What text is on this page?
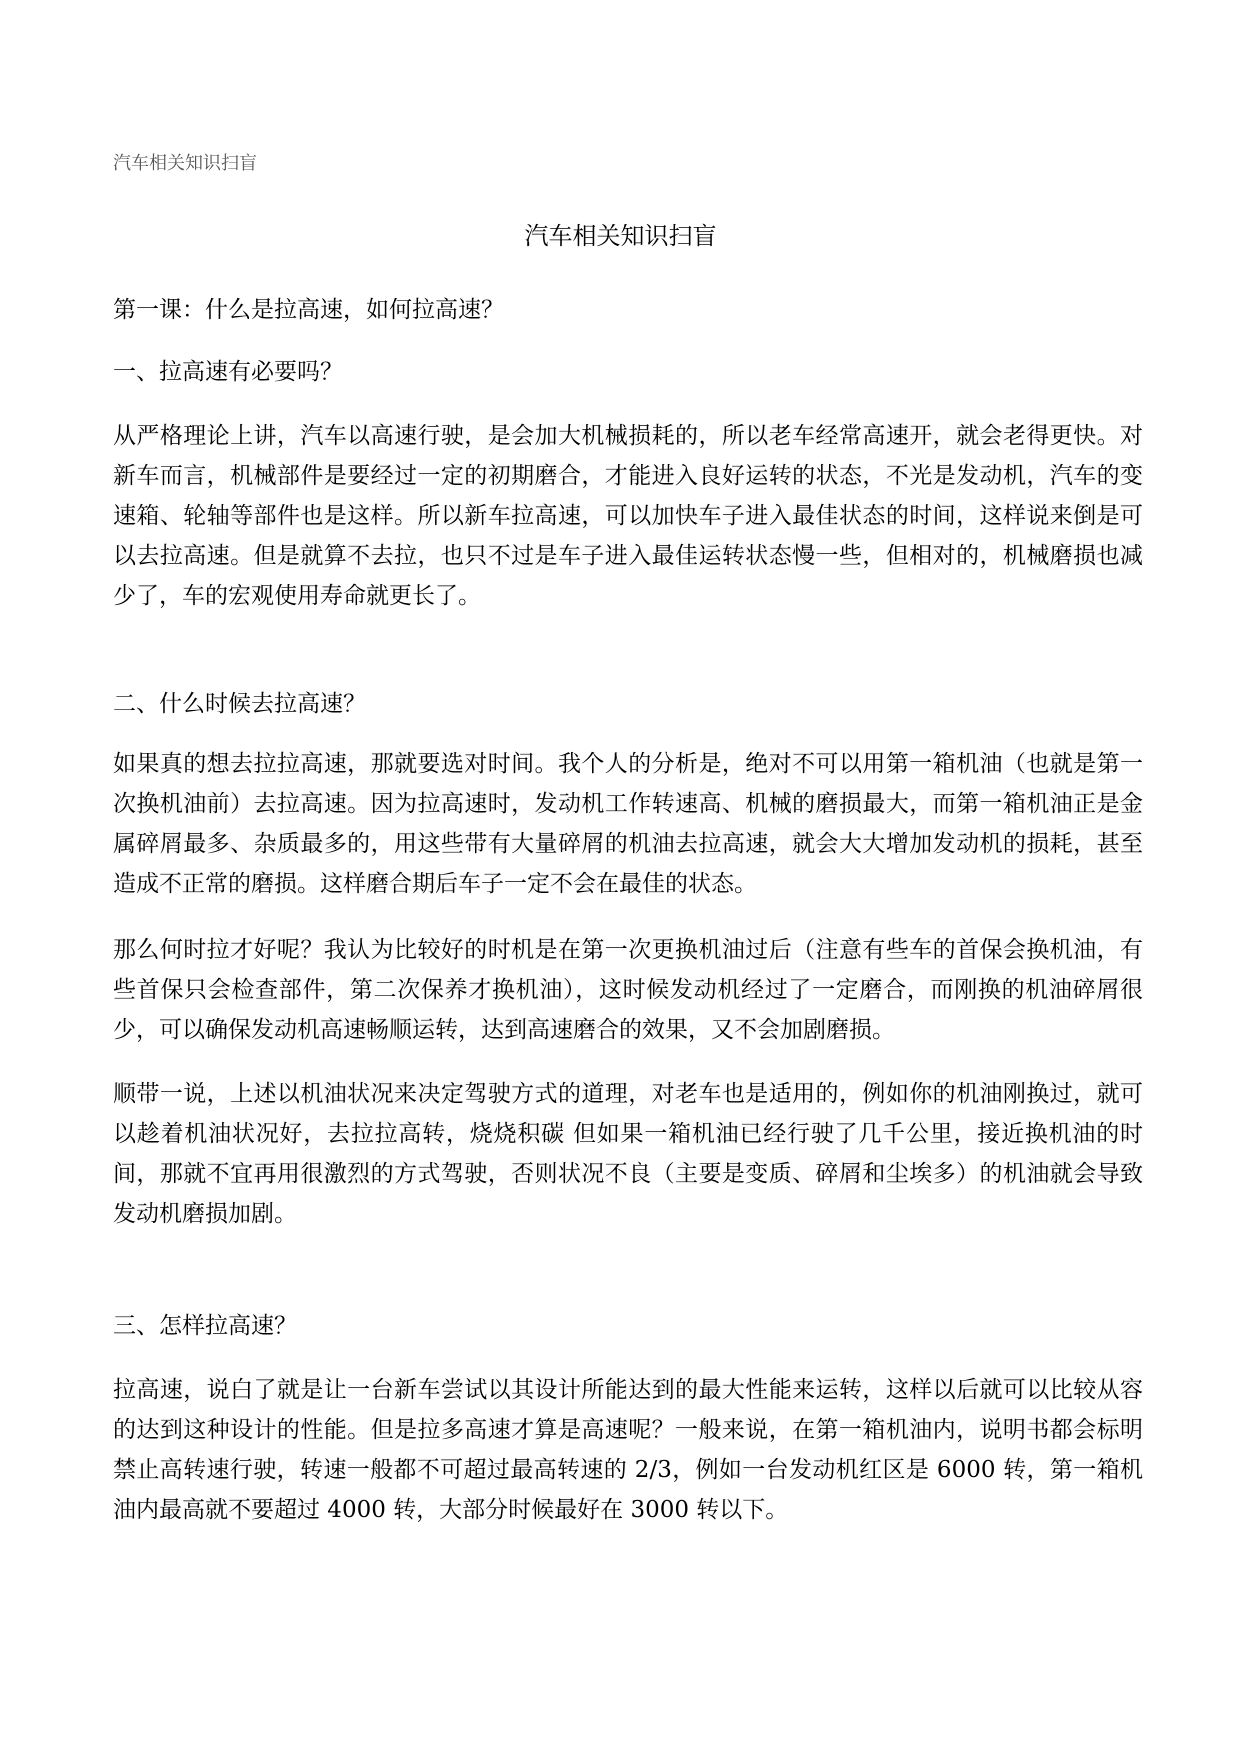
汽车相关知识扫盲
汽车相关知识扫盲
第一课：什么是拉高速，如何拉高速？
一、拉高速有必要吗？

从严格理论上讲，汽车以高速行驶，是会加大机械损耗的，所以老车经常高速开，就会老得更快。对新车而言，机械部件是要经过一定的初期磨合，才能进入良好运转的状态，不光是发动机，汽车的变速箱、轮轴等部件也是这样。所以新车拉高速，可以加快车子进入最佳状态的时间，这样说来倒是可以去拉高速。但是就算不去拉，也只不过是车子进入最佳运转状态慢一些，但相对的，机械磨损也减少了，车的宏观使用寿命就更长了。

二、什么时候去拉高速？

如果真的想去拉拉高速，那就要选对时间。我个人的分析是，绝对不可以用第一箱机油（也就是第一次换机油前）去拉高速。因为拉高速时，发动机工作转速高、机械的磨损最大，而第一箱机油正是金属碎屑最多、杂质最多的，用这些带有大量碎屑的机油去拉高速，就会大大增加发动机的损耗，甚至造成不正常的磨损。这样磨合期后车子一定不会在最佳的状态。

那么何时拉才好呢？我认为比较好的时机是在第一次更换机油过后（注意有些车的首保会换机油，有些首保只会检查部件，第二次保养才换机油），这时候发动机经过了一定磨合，而刚换的机油碎屑很少，可以确保发动机高速畅顺运转，达到高速磨合的效果，又不会加剧磨损。

顺带一说，上述以机油状况来决定驾驶方式的道理，对老车也是适用的，例如你的机油刚换过，就可以趁着机油状况好，去拉拉高转，烧烧积碳 但如果一箱机油已经行驶了几千公里，接近换机油的时间，那就不宜再用很激烈的方式驾驶，否则状况不良（主要是变质、碎屑和尘埃多）的机油就会导致发动机磨损加剧。

三、怎样拉高速？

拉高速，说白了就是让一台新车尝试以其设计所能达到的最大性能来运转，这样以后就可以比较从容的达到这种设计的性能。但是拉多高速才算是高速呢？一般来说，在第一箱机油内，说明书都会标明禁止高转速行驶，转速一般都不可超过最高转速的 2/3，例如一台发动机红区是 6000 转，第一箱机油内最高就不要超过 4000 转，大部分时候最好在 3000 转以下。
